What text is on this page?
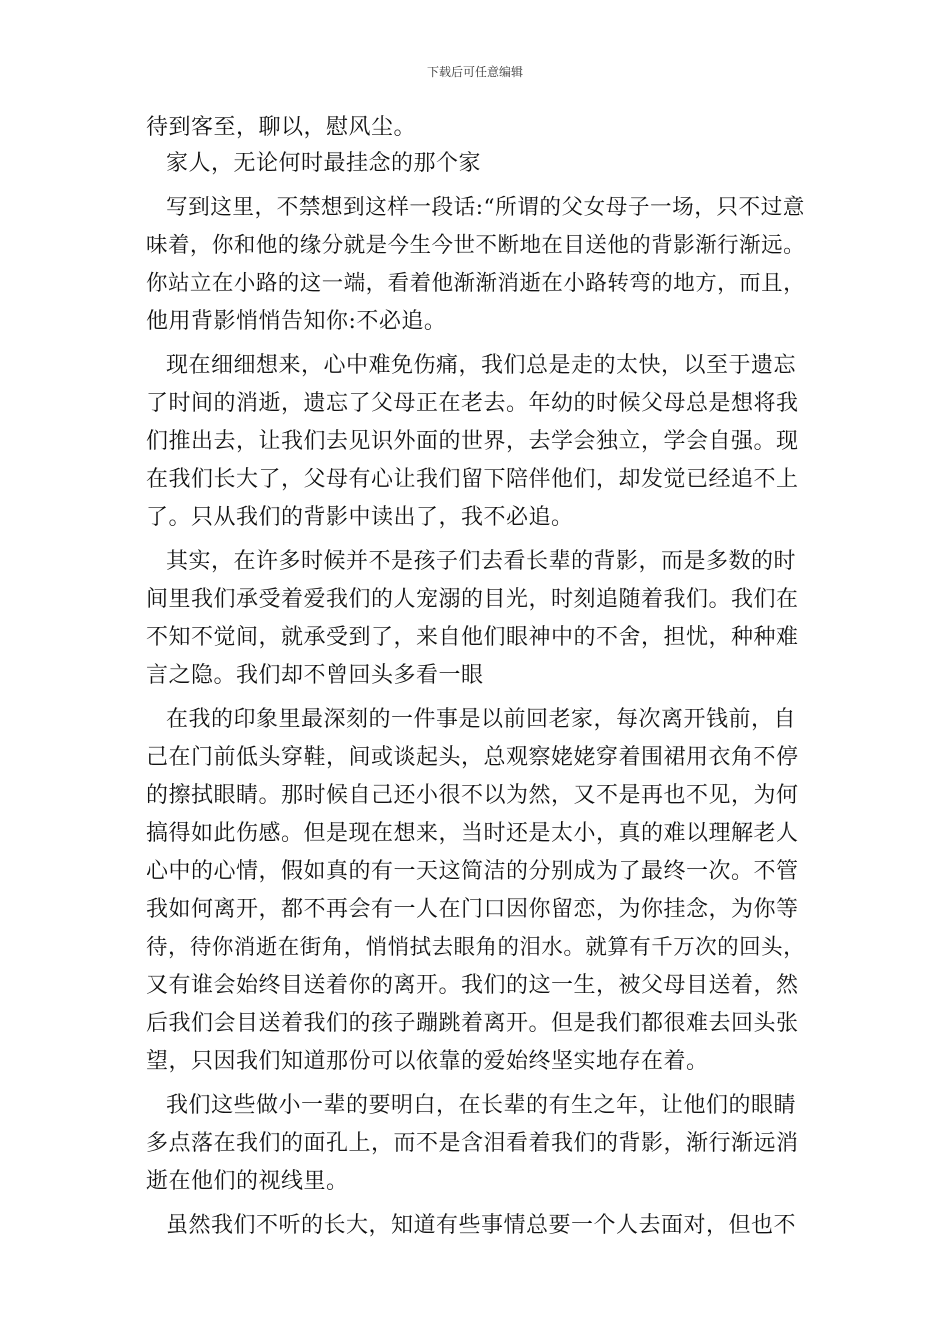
下载后可任意编辑
待到客至，聊以，慰风尘。
家人，无论何时最挂念的那个家
写到这里，不禁想到这样一段话:“所谓的父女母子一场，只不过意
味着，你和他的缘分就是今生今世不断地在目送他的背影渐行渐远。
你站立在小路的这一端，看着他渐渐消逝在小路转弯的地方，而且，
他用背影悄悄告知你:不必追。
现在细细想来，心中难免伤痛，我们总是走的太快，以至于遗忘
了时间的消逝，遗忘了父母正在老去。年幼的时候父母总是想将我
们推出去，让我们去见识外面的世界，去学会独立，学会自强。现
在我们长大了，父母有心让我们留下陪伴他们，却发觉已经追不上
了。只从我们的背影中读出了，我不必追。
其实，在许多时候并不是孩子们去看长辈的背影，而是多数的时
间里我们承受着爱我们的人宠溺的目光，时刻追随着我们。我们在
不知不觉间，就承受到了，来自他们眼神中的不舍，担忧，种种难
言之隐。我们却不曾回头多看一眼
在我的印象里最深刻的一件事是以前回老家，每次离开钱前，自
己在门前低头穿鞋，间或谈起头，总观察姥姥穿着围裙用衣角不停
的擦拭眼睛。那时候自己还小很不以为然，又不是再也不见，为何
搞得如此伤感。但是现在想来，当时还是太小，真的难以理解老人
心中的心情，假如真的有一天这简洁的分别成为了最终一次。不管
我如何离开，都不再会有一人在门口因你留恋，为你挂念，为你等
待，待你消逝在街角，悄悄拭去眼角的泪水。就算有千万次的回头，
又有谁会始终目送着你的离开。我们的这一生，被父母目送着，然
后我们会目送着我们的孩子蹦跳着离开。但是我们都很难去回头张
望，只因我们知道那份可以依靠的爱始终坚实地存在着。
我们这些做小一辈的要明白，在长辈的有生之年，让他们的眼睛
多点落在我们的面孔上，而不是含泪看着我们的背影，渐行渐远消
逝在他们的视线里。
虽然我们不听的长大，知道有些事情总要一个人去面对，但也不
